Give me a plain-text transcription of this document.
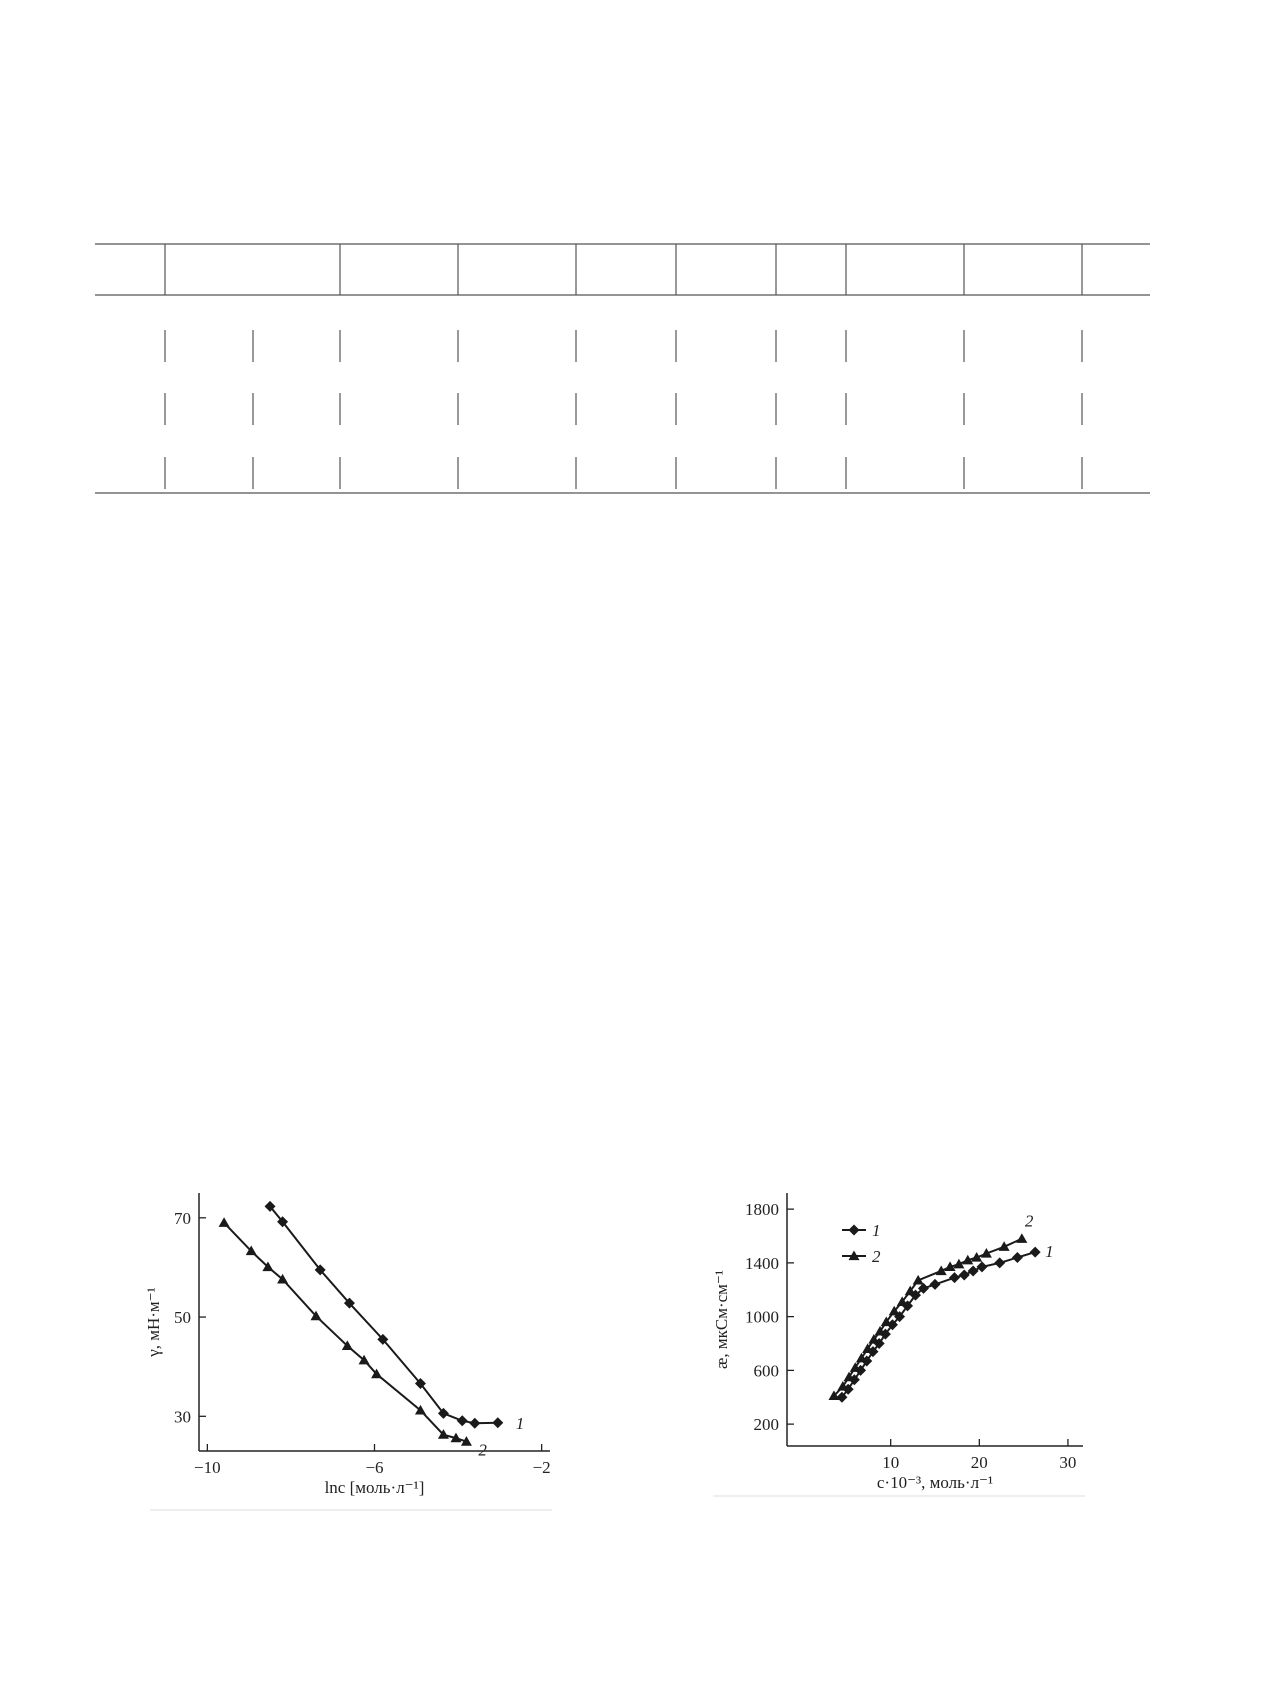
−10	−6	−2
30
50
70
lnc [моль·л⁻¹]
γ, мН·м⁻¹
1
2
10	20	30
200
600
1000
1400
1800
c·10⁻³, моль·л⁻¹
æ, мкСм·см⁻¹
1
2
1
2
